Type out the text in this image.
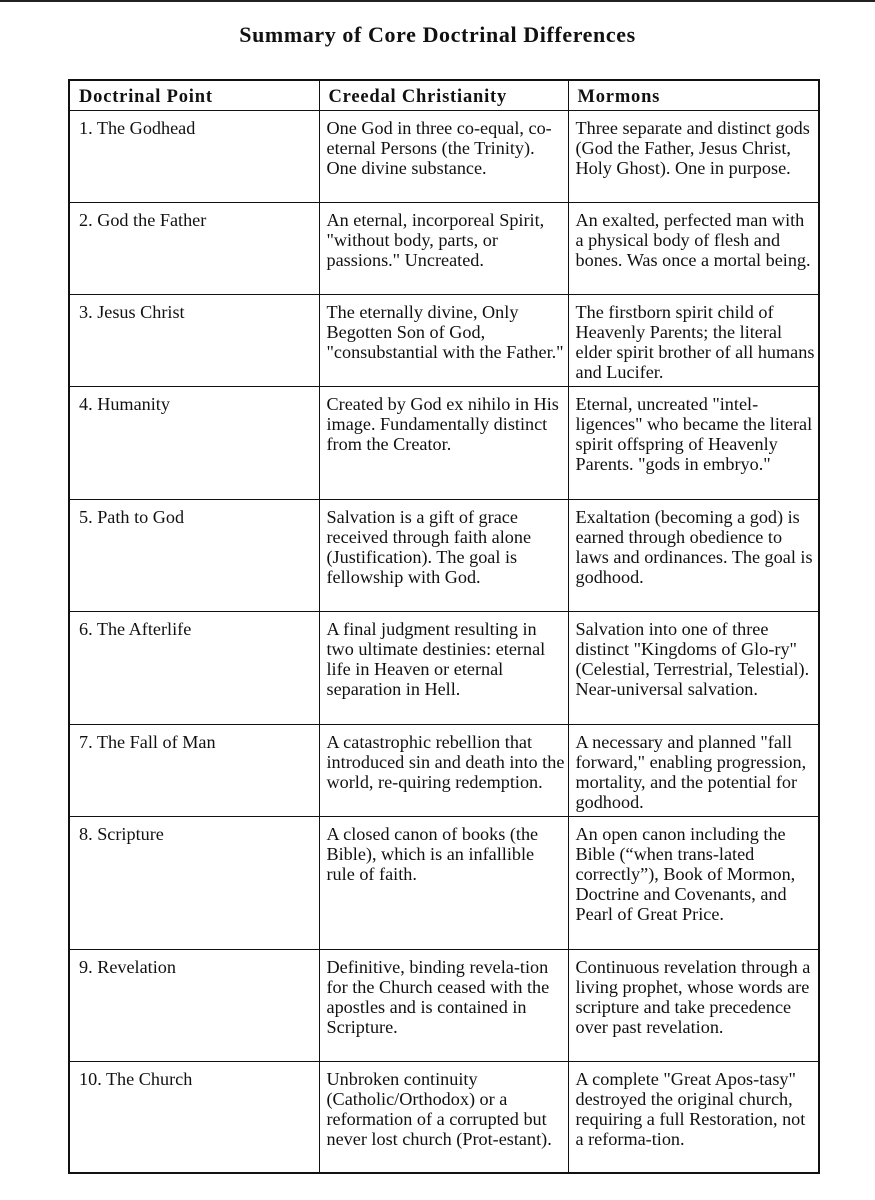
Summary of Core Doctrinal Differences
Doctrinal Point	Creedal Christianity	Mormons
1. The Godhead	One God in three co-equal, co-eternal Persons (the Trinity). One divine substance.	Three separate and distinct gods (God the Father, Jesus Christ, Holy Ghost). One in purpose.
2. God the Father	An eternal, incorporeal Spirit, "without body, parts, or passions." Uncreated.	An exalted, perfected man with a physical body of flesh and bones. Was once a mortal being.
3. Jesus Christ	The eternally divine, Only Begotten Son of God, "consubstantial with the Father."	The firstborn spirit child of Heavenly Parents; the literal elder spirit brother of all humans and Lucifer.
4. Humanity	Created by God ex nihilo in His image. Fundamentally distinct from the Creator.	Eternal, uncreated "intel-ligences" who became the literal spirit offspring of Heavenly Parents. "gods in embryo."
5. Path to God	Salvation is a gift of grace received through faith alone (Justification). The goal is fellowship with God.	Exaltation (becoming a god) is earned through obedience to laws and ordinances. The goal is godhood.
6. The Afterlife	A final judgment resulting in two ultimate destinies: eternal life in Heaven or eternal separation in Hell.	Salvation into one of three distinct "Kingdoms of Glo-ry" (Celestial, Terrestrial, Telestial). Near-universal salvation.
7. The Fall of Man	A catastrophic rebellion that introduced sin and death into the world, re-quiring redemption.	A necessary and planned "fall forward," enabling progression, mortality, and the potential for godhood.
8. Scripture	A closed canon of books (the Bible), which is an infallible rule of faith.	An open canon including the Bible (“when trans-lated correctly”), Book of Mormon, Doctrine and Covenants, and Pearl of Great Price.
9. Revelation	Definitive, binding revela-tion for the Church ceased with the apostles and is contained in Scripture.	Continuous revelation through a living prophet, whose words are scripture and take precedence over past revelation.
10. The Church	Unbroken continuity (Catholic/Orthodox) or a reformation of a corrupted but never lost church (Prot-estant).	A complete "Great Apos-tasy" destroyed the original church, requiring a full Restoration, not a reforma-tion.
